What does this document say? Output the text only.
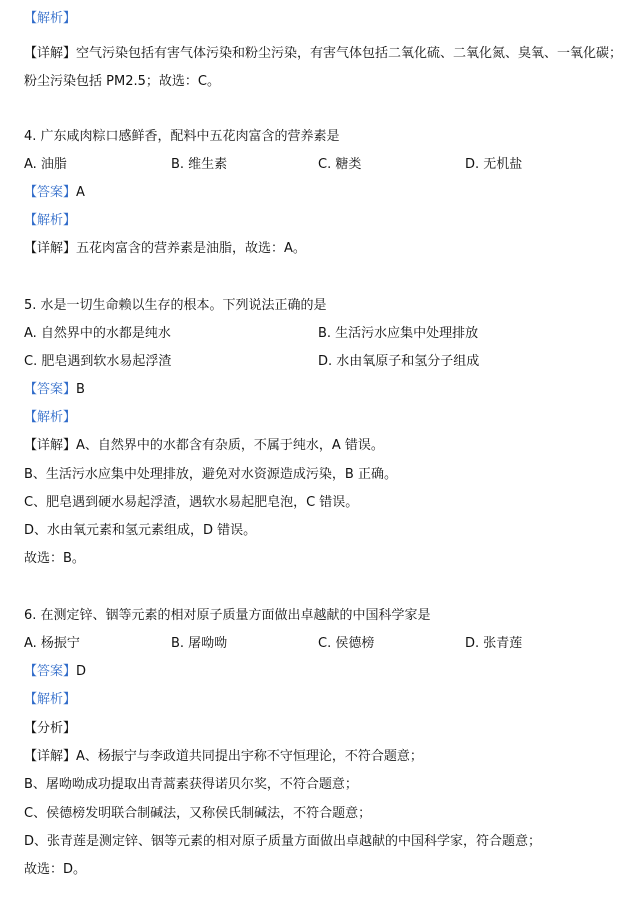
【解析】
【详解】空气污染包括有害气体污染和粉尘污染，有害气体包括二氧化硫、二氧化氮、臭氧、一氧化碳；粉尘污染包括 PM2.5；故选：C。
4. 广东咸肉粽口感鲜香，配料中五花肉富含的营养素是
A. 油脂	B. 维生素	C. 糖类	D. 无机盐
【答案】A
【解析】
【详解】五花肉富含的营养素是油脂，故选：A。
5. 水是一切生命赖以生存的根本。下列说法正确的是
A. 自然界中的水都是纯水	B. 生活污水应集中处理排放
C. 肥皂遇到软水易起浮渣	D. 水由氧原子和氢分子组成
【答案】B
【解析】
【详解】A、自然界中的水都含有杂质，不属于纯水，A 错误。
B、生活污水应集中处理排放，避免对水资源造成污染，B 正确。
C、肥皂遇到硬水易起浮渣，遇软水易起肥皂泡，C 错误。
D、水由氧元素和氢元素组成，D 错误。
故选：B。
6. 在测定锌、铟等元素的相对原子质量方面做出卓越献的中国科学家是
A. 杨振宁	B. 屠呦呦	C. 侯德榜	D. 张青莲
【答案】D
【解析】
【分析】
【详解】A、杨振宁与李政道共同提出宇称不守恒理论，不符合题意；
B、屠呦呦成功提取出青蒿素获得诺贝尔奖，不符合题意；
C、侯德榜发明联合制碱法，又称侯氏制碱法，不符合题意；
D、张青莲是测定锌、铟等元素的相对原子质量方面做出卓越献的中国科学家，符合题意；
故选：D。
